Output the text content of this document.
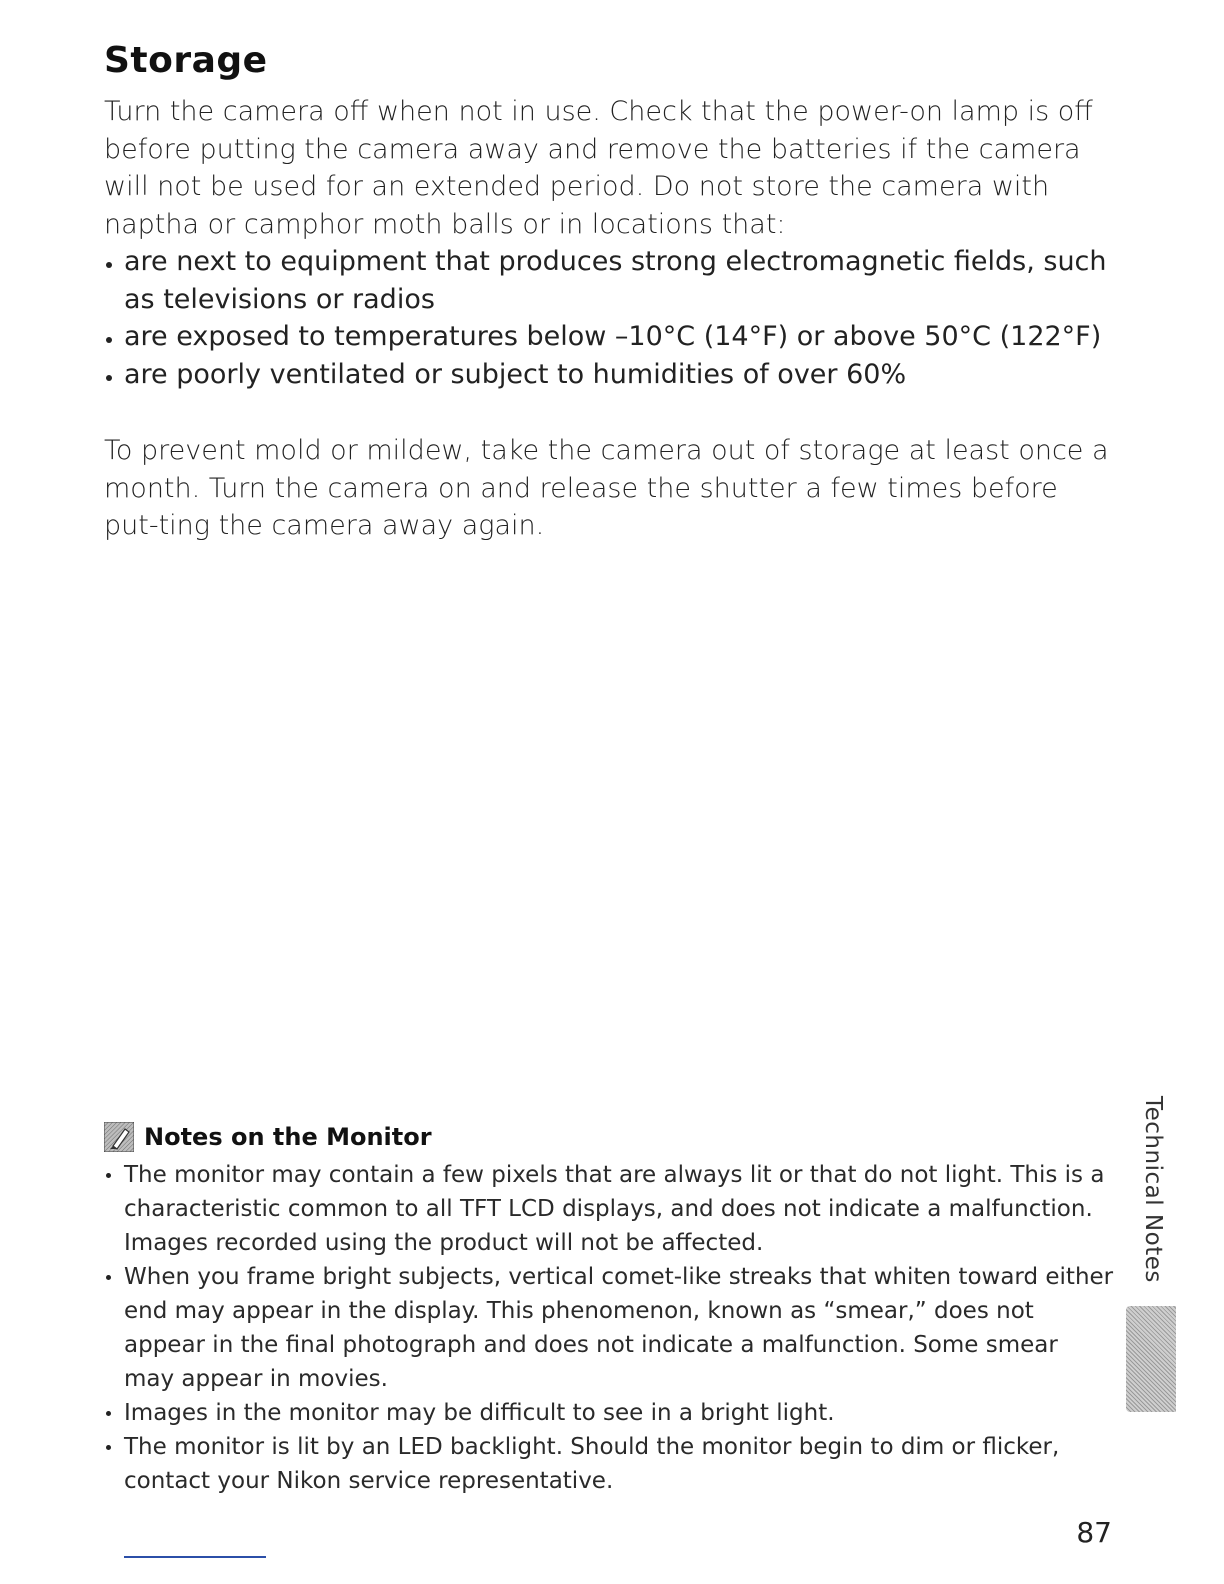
Storage

Turn the camera off when not in use. Check that the power-on lamp is off before putting the camera away and remove the batteries if the camera will not be used for an extended period. Do not store the camera with naptha or camphor moth balls or in locations that:

are next to equipment that produces strong electromagnetic fields, such as televisions or radios
are exposed to temperatures below –10°C (14°F) or above 50°C (122°F)
are poorly ventilated or subject to humidities of over 60%

To prevent mold or mildew, take the camera out of storage at least once a month. Turn the camera on and release the shutter a few times before put-ting the camera away again.

Notes on the Monitor
The monitor may contain a few pixels that are always lit or that do not light. This is a characteristic common to all TFT LCD displays, and does not indicate a malfunction. Images recorded using the product will not be affected.
When you frame bright subjects, vertical comet-like streaks that whiten toward either end may appear in the display. This phenomenon, known as “smear,” does not appear in the final photograph and does not indicate a malfunction. Some smear may appear in movies.
Images in the monitor may be difficult to see in a bright light.
The monitor is lit by an LED backlight. Should the monitor begin to dim or flicker, contact your Nikon service representative.
Technical Notes
87
